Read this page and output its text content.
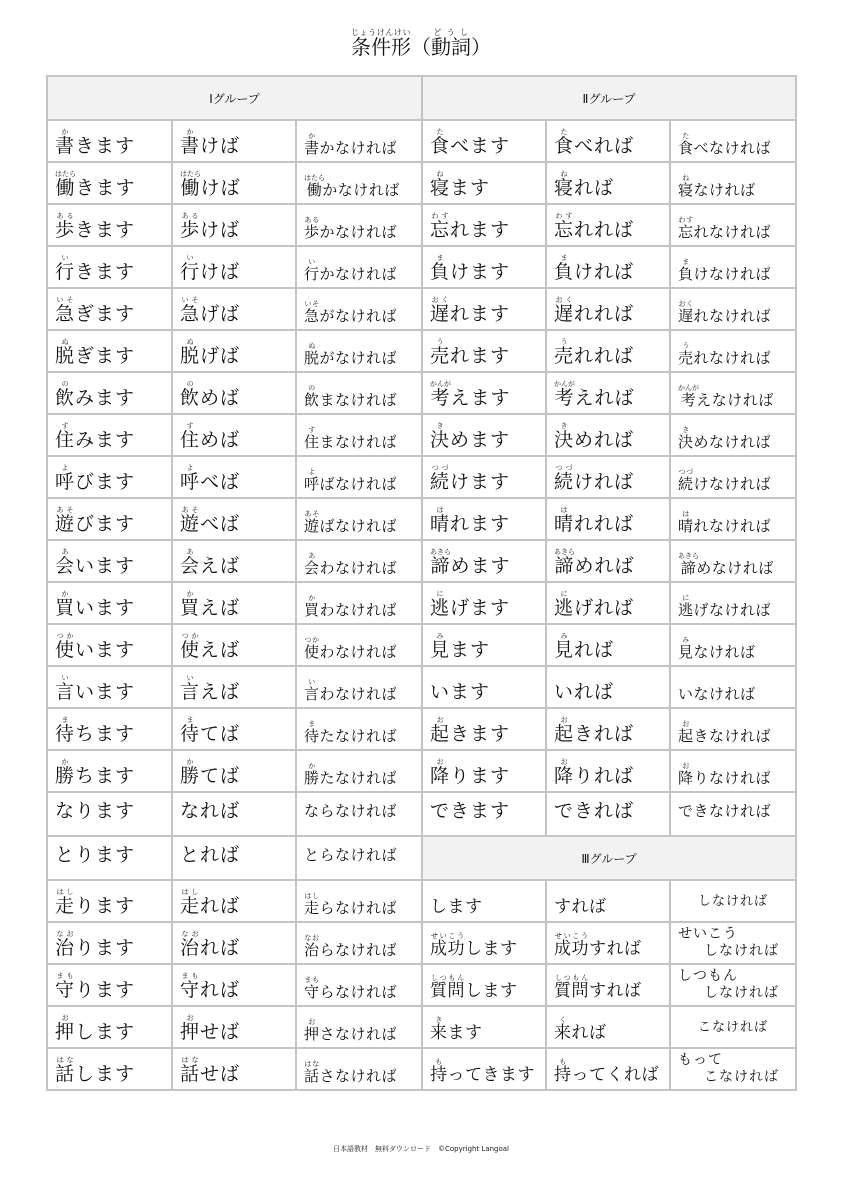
条件形じょうけんけい（動詞どうし）
Ⅰグループ			Ⅱグループ		

書かきます	書かけば	書かかなければ	食たべます	食たべれば	食たべなければ

働はたらきます	働はたらけば	働はたらかなければ	寝ねます	寝ねれば	寝ねなければ

歩あるきます	歩あるけば	歩あるかなければ	忘わすれます	忘わすれれば	忘わすれなければ

行いきます	行いけば	行いかなければ	負まけます	負まければ	負まけなければ

急いそぎます	急いそげば	急いそがなければ	遅おくれます	遅おくれれば	遅おくれなければ

脱ぬぎます	脱ぬげば	脱ぬがなければ	売うれます	売うれれば	売うれなければ

飲のみます	飲のめば	飲のまなければ	考かんがえます	考かんがえれば	考かんがえなければ

住すみます	住すめば	住すまなければ	決きめます	決きめれば	決きめなければ

呼よびます	呼よべば	呼よばなければ	続つづけます	続つづければ	続つづけなければ

遊あそびます	遊あそべば	遊あそばなければ	晴はれます	晴はれれば	晴はれなければ

会あいます	会あえば	会あわなければ	諦あきらめます	諦あきらめれば	諦あきらめなければ

買かいます	買かえば	買かわなければ	逃にげます	逃にげれば	逃にげなければ

使つかいます	使つかえば	使つかわなければ	見みます	見みれば	見みなければ

言いいます	言いえば	言いわなければ	います	いれば	いなければ

待まちます	待まてば	待またなければ	起おきます	起おきれば	起おきなければ

勝かちます	勝かてば	勝かたなければ	降おります	降おりれば	降おりなければ

なります	なれば	ならなければ	できます	できれば	できなければ

とります	とれば	とらなければ	Ⅲグループ		

走はしります	走はしれば	走はしらなければ	します	すれば	しなければ

治なおります	治なおれば	治なおらなければ	成功せいこうします	成功せいこうすれば	せいこう
しなければ

守まもります	守まもれば	守まもらなければ	質問しつもんします	質問しつもんすれば	しつもん
しなければ

押おします	押おせば	押おさなければ	来きます	来くれば	こなければ

話はなします	話はなせば	話はなさなければ	持もってきます	持もってくれば	もって
こなければ
日本語教材　無料ダウンロード　©Copyright Langoal
